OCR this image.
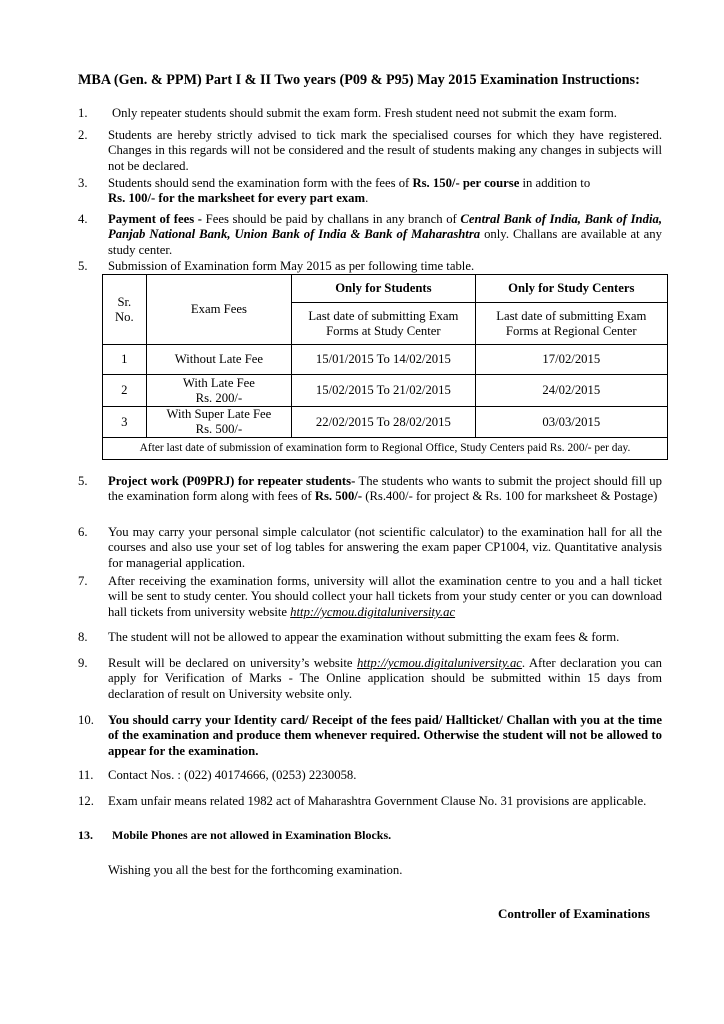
MBA (Gen. & PPM) Part I & II Two years (P09 & P95) May 2015 Examination Instructions:
1. Only repeater students should submit the exam form. Fresh student need not submit the exam form.
2. Students are hereby strictly advised to tick mark the specialised courses for which they have registered. Changes in this regards will not be considered and the result of students making any changes in subjects will not be declared.
3. Students should send the examination form with the fees of Rs. 150/- per course in addition to
Rs. 100/- for the marksheet for every part exam.
4. Payment of fees - Fees should be paid by challans in any branch of Central Bank of India, Bank of India, Panjab National Bank, Union Bank of India & Bank of Maharashtra only. Challans are available at any study center.
5. Submission of Examination form May 2015 as per following time table.
Sr. No.	Exam Fees	Only for Students	Only for Study Centers
		Last date of submitting Exam Forms at Study Center	Last date of submitting Exam Forms at Regional Center
1	Without Late Fee	15/01/2015 To 14/02/2015	17/02/2015
2	With Late Fee
Rs. 200/-	15/02/2015 To 21/02/2015	24/02/2015
3	With Super Late Fee
Rs. 500/-	22/02/2015 To 28/02/2015	03/03/2015
After last date of submission of examination form to Regional Office, Study Centers paid Rs. 200/- per day.			
5. Project work (P09PRJ) for repeater students- The students who wants to submit the project should fill up the examination form along with fees of Rs. 500/- (Rs.400/- for project & Rs. 100 for marksheet & Postage)
6. You may carry your personal simple calculator (not scientific calculator) to the examination hall for all the courses and also use your set of log tables for answering the exam paper CP1004, viz. Quantitative analysis for managerial application.
7. After receiving the examination forms, university will allot the examination centre to you and a hall ticket will be sent to study center. You should collect your hall tickets from your study center or you can download hall tickets from university website http://ycmou.digitaluniversity.ac
8. The student will not be allowed to appear the examination without submitting the exam fees & form.
9. Result will be declared on university’s website http://ycmou.digitaluniversity.ac. After declaration you can apply for Verification of Marks - The Online application should be submitted within 15 days from declaration of result on University website only.
10. You should carry your Identity card/ Receipt of the fees paid/ Hallticket/ Challan with you at the time of the examination and produce them whenever required. Otherwise the student will not be allowed to appear for the examination.
11. Contact Nos. : (022) 40174666, (0253) 2230058.
12. Exam unfair means related 1982 act of Maharashtra Government Clause No. 31 provisions are applicable.
13. Mobile Phones are not allowed in Examination Blocks.
Wishing you all the best for the forthcoming examination.
Controller of Examinations
